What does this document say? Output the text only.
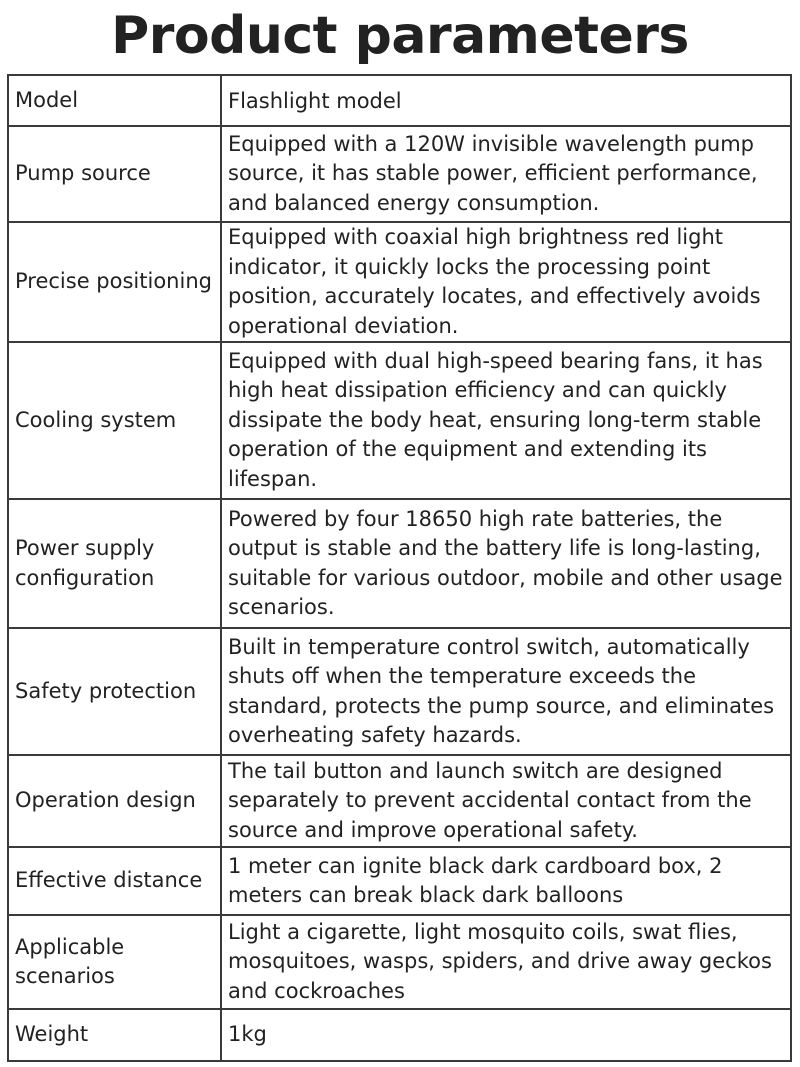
Product parameters
Model	Flashlight model
Pump source	Equipped with a 120W invisible wavelength pump source, it has stable power, efficient performance, and balanced energy consumption.
Precise positioning	Equipped with coaxial high brightness red light indicator, it quickly locks the processing point position, accurately locates, and effectively avoids operational deviation.
Cooling system	Equipped with dual high-speed bearing fans, it has high heat dissipation efficiency and can quickly dissipate the body heat, ensuring long-term stable operation of the equipment and extending its lifespan.
Power supply configuration	Powered by four 18650 high rate batteries, the output is stable and the battery life is long-lasting, suitable for various outdoor, mobile and other usage scenarios.
Safety protection	Built in temperature control switch, automatically shuts off when the temperature exceeds the standard, protects the pump source, and eliminates overheating safety hazards.
Operation design	The tail button and launch switch are designed separately to prevent accidental contact from the source and improve operational safety.
Effective distance	1 meter can ignite black dark cardboard box, 2 meters can break black dark balloons
Applicable scenarios	Light a cigarette, light mosquito coils, swat flies, mosquitoes, wasps, spiders, and drive away geckos and cockroaches
Weight	1kg
